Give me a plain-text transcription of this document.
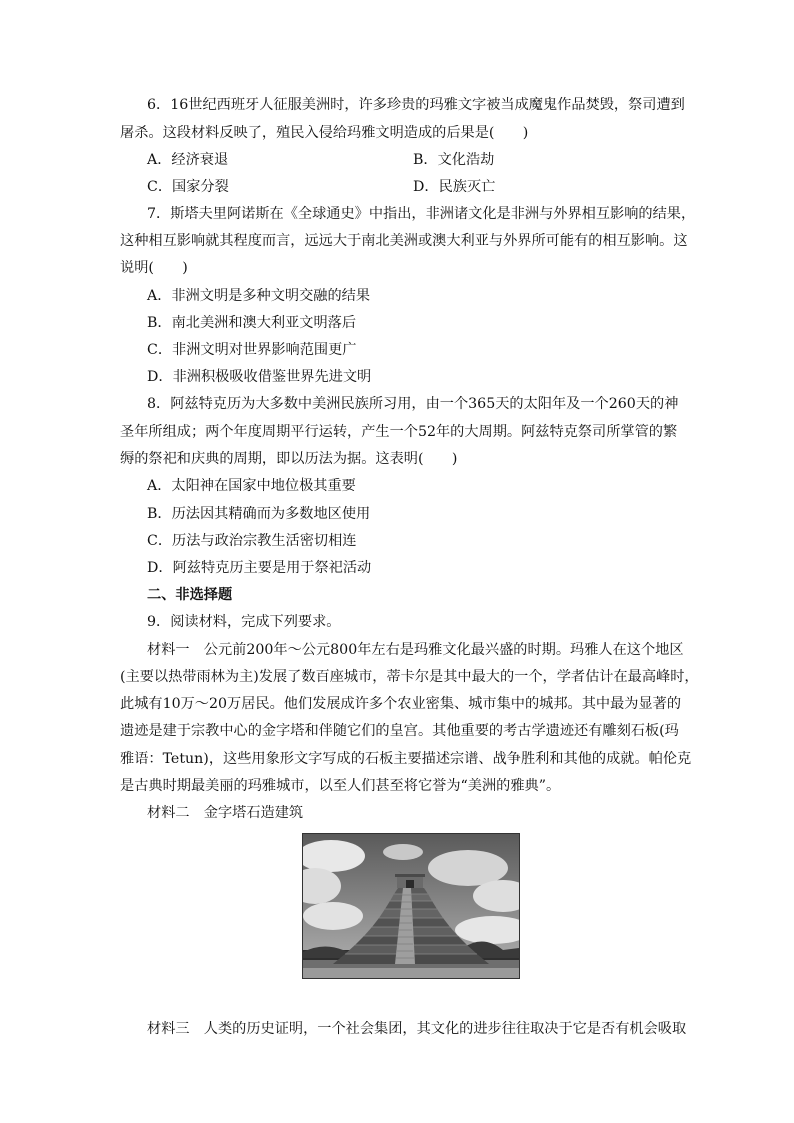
6．16世纪西班牙人征服美洲时，许多珍贵的玛雅文字被当成魔鬼作品焚毁，祭司遭到
屠杀。这段材料反映了，殖民入侵给玛雅文明造成的后果是(　　)
A．经济衰退	B．文化浩劫
C．国家分裂	D．民族灭亡
7．斯塔夫里阿诺斯在《全球通史》中指出，非洲诸文化是非洲与外界相互影响的结果，
这种相互影响就其程度而言，远远大于南北美洲或澳大利亚与外界所可能有的相互影响。这
说明(　　)
A．非洲文明是多种文明交融的结果
B．南北美洲和澳大利亚文明落后
C．非洲文明对世界影响范围更广
D．非洲积极吸收借鉴世界先进文明
8．阿兹特克历为大多数中美洲民族所习用，由一个365天的太阳年及一个260天的神
圣年所组成；两个年度周期平行运转，产生一个52年的大周期。阿兹特克祭司所掌管的繁
缛的祭祀和庆典的周期，即以历法为据。这表明(　　)
A．太阳神在国家中地位极其重要
B．历法因其精确而为多数地区使用
C．历法与政治宗教生活密切相连
D．阿兹特克历主要是用于祭祀活动
二、非选择题
9．阅读材料，完成下列要求。
材料一　公元前200年～公元800年左右是玛雅文化最兴盛的时期。玛雅人在这个地区
(主要以热带雨林为主)发展了数百座城市，蒂卡尔是其中最大的一个，学者估计在最高峰时，
此城有10万～20万居民。他们发展成许多个农业密集、城市集中的城邦。其中最为显著的
遗迹是建于宗教中心的金字塔和伴随它们的皇宫。其他重要的考古学遗迹还有雕刻石板(玛
雅语：Tetun)，这些用象形文字写成的石板主要描述宗谱、战争胜利和其他的成就。帕伦克
是古典时期最美丽的玛雅城市，以至人们甚至将它誉为“美洲的雅典”。
材料二　金字塔石造建筑
材料三　人类的历史证明，一个社会集团，其文化的进步往往取决于它是否有机会吸取
